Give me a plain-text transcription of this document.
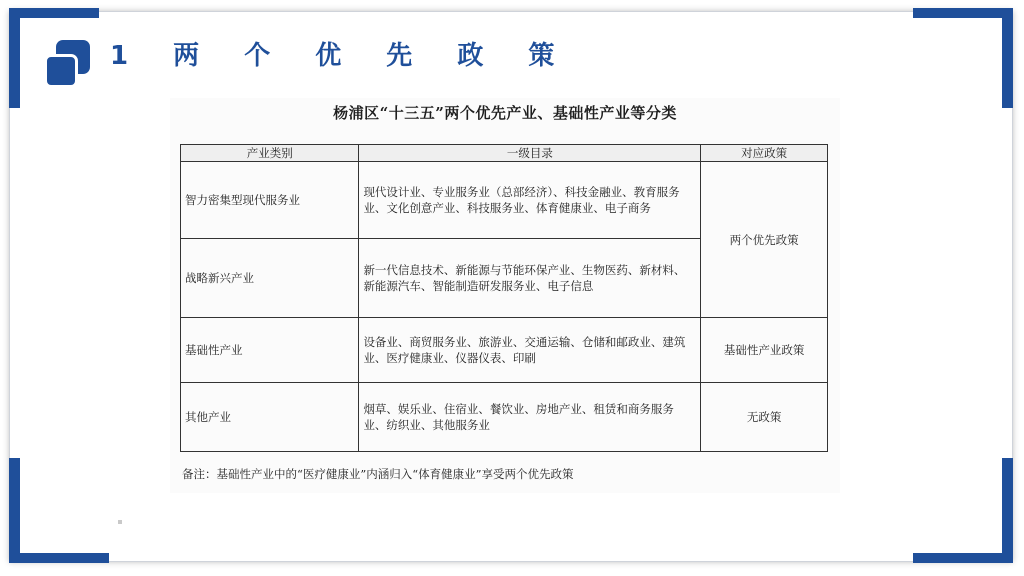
1 两 个 优 先 政 策
杨浦区“十三五”两个优先产业、基础性产业等分类
产业类别	一级目录	对应政策
智力密集型现代服务业	现代设计业、专业服务业（总部经济）、科技金融业、教育服务业、文化创意产业、科技服务业、体育健康业、电子商务	两个优先政策
战略新兴产业	新一代信息技术、新能源与节能环保产业、生物医药、新材料、新能源汽车、智能制造研发服务业、电子信息	
基础性产业	设备业、商贸服务业、旅游业、交通运输、仓储和邮政业、建筑业、医疗健康业、仪器仪表、印刷	基础性产业政策
其他产业	烟草、娱乐业、住宿业、餐饮业、房地产业、租赁和商务服务业、纺织业、其他服务业	无政策
备注：基础性产业中的“医疗健康业”内涵归入“体育健康业”享受两个优先政策
